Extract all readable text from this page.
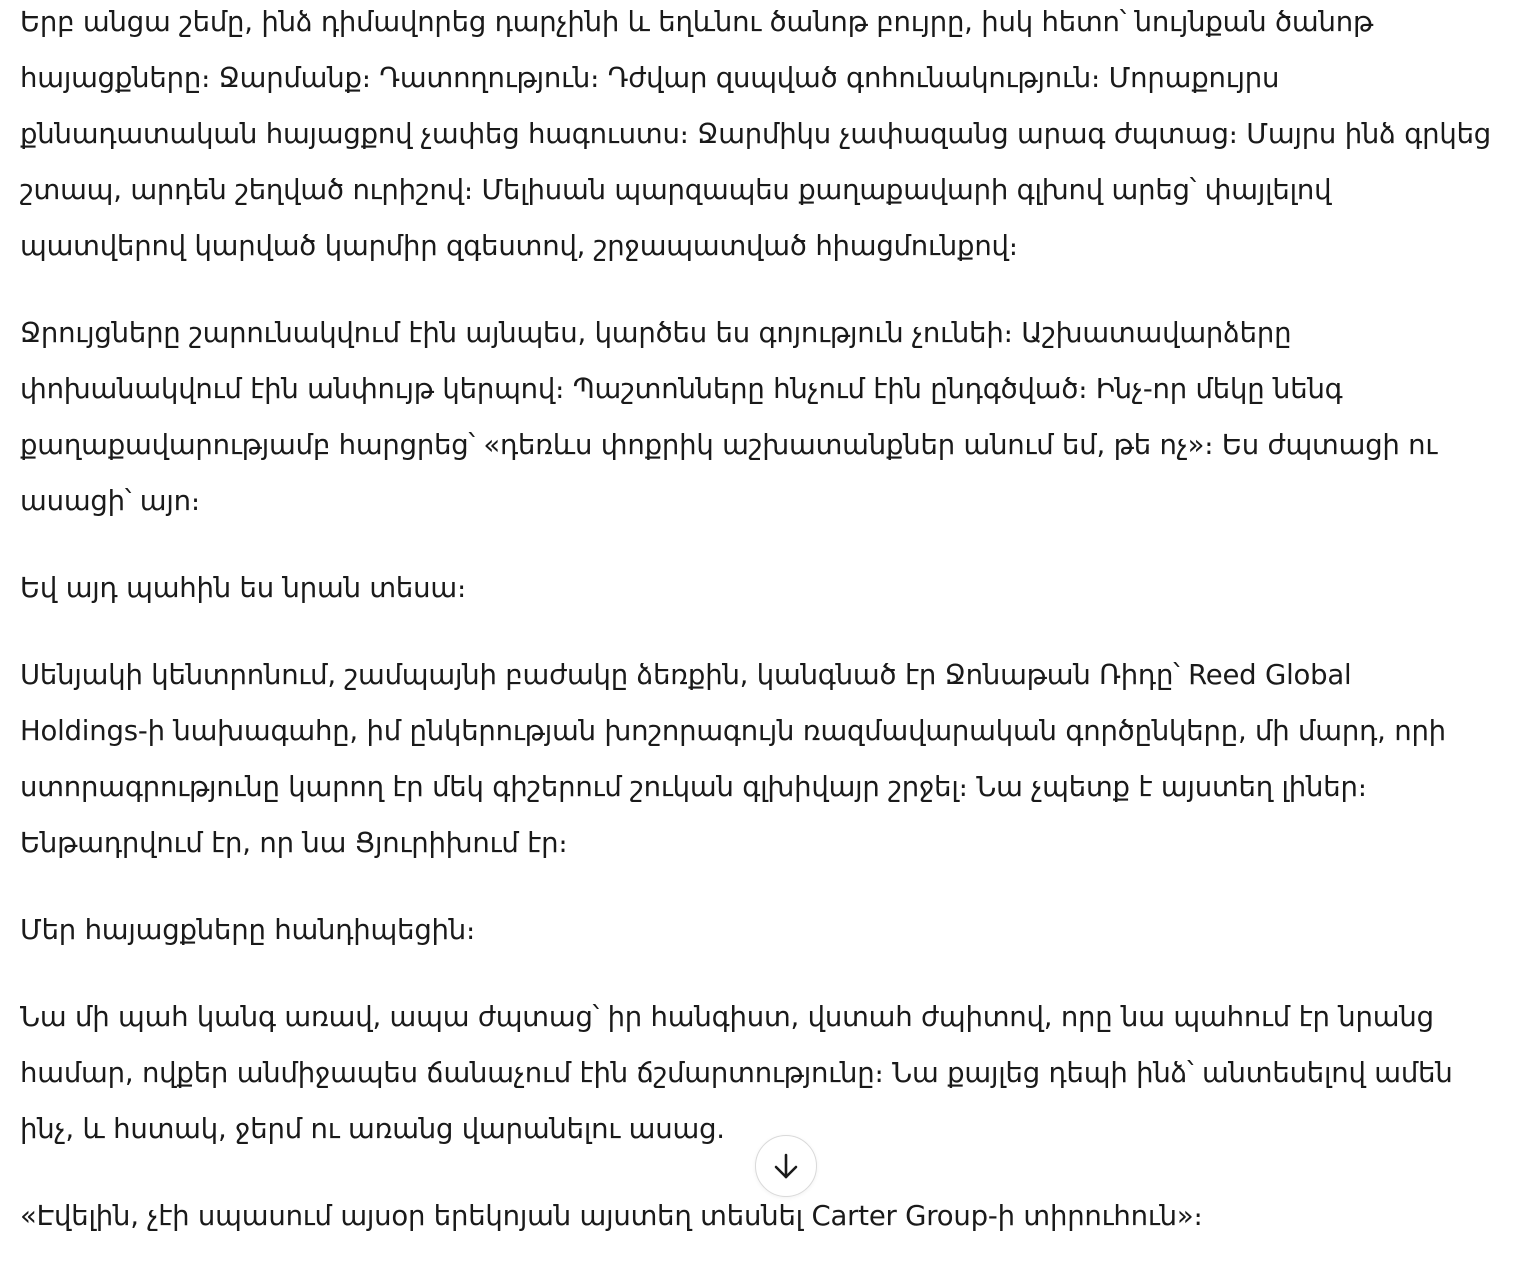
Երբ անցա շեմը, ինձ դիմավորեց դարչինի և եղևնու ծանոթ բույրը, իսկ հետո՝ նույնքան ծանոթ
հայացքները։ Ջարմանք։ Դատողություն։ Դժվար զսպված գոհունակություն։ Մորաքույրս
քննադատական հայացքով չափեց հագուստս։ Ջարմիկս չափազանց արագ ժպտաց։ Մայրս ինձ գրկեց
շտապ, արդեն շեղված ուրիշով։ Մելիսան պարզապես քաղաքավարի գլխով արեց՝ փայլելով
պատվերով կարված կարմիր զգեստով, շրջապատված հիացմունքով։

Ջրույցները շարունակվում էին այնպես, կարծես ես գոյություն չունեի։ Աշխատավարձերը
փոխանակվում էին անփույթ կերպով։ Պաշտոնները հնչում էին ընդգծված։ Ինչ-որ մեկը նենգ
քաղաքավարությամբ հարցրեց՝ «դեռևս փոքրիկ աշխատանքներ անում եմ, թե ոչ»։ Ես ժպտացի ու
ասացի՝ այո։

Եվ այդ պահին ես նրան տեսա։

Սենյակի կենտրոնում, շամպայնի բաժակը ձեռքին, կանգնած էր Ջոնաթան Ռիդը՝ Reed Global
Holdings-ի նախագահը, իմ ընկերության խոշորագույն ռազմավարական գործընկերը, մի մարդ, որի
ստորագրությունը կարող էր մեկ գիշերում շուկան գլխիվայր շրջել։ Նա չպետք է այստեղ լիներ։
Ենթադրվում էր, որ նա Ցյուրիխում էր։

Մեր հայացքները հանդիպեցին։

Նա մի պահ կանգ առավ, ապա ժպտաց՝ իր հանգիստ, վստահ ժպիտով, որը նա պահում էր նրանց
համար, ովքեր անմիջապես ճանաչում էին ճշմարտությունը։ Նա քայլեց դեպի ինձ՝ անտեսելով ամեն
ինչ, և հստակ, ջերմ ու առանց վարանելու ասաց.

«Էվելին, չէի սպասում այսօր երեկոյան այստեղ տեսնել Carter Group-ի տիրուհուն»։
